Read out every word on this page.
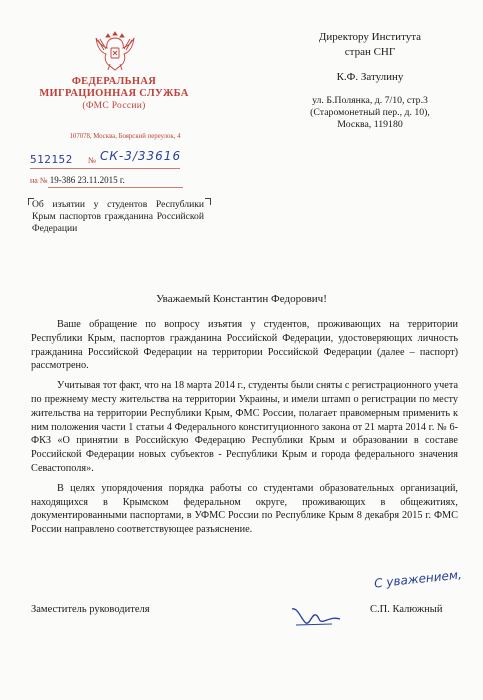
ФЕДЕРАЛЬНАЯ
МИГРАЦИОННАЯ СЛУЖБА
(ФМС России)
107078, Москва, Боярский переулок, 4
512152 № СК-3/33616
на № 19-386 23.11.2015 г.
Об изъятии у студентов Республики Крым паспортов гражданина Российской Федерации
Директору Института
стран СНГ
К.Ф. Затулину
ул. Б.Полянка, д. 7/10, стр.3
(Старомонетный пер., д. 10),
Москва, 119180
Уважаемый Константин Федорович!

Ваше обращение по вопросу изъятия у студентов, проживающих на территории Республики Крым, паспортов гражданина Российской Федерации, удостоверяющих личность гражданина Российской Федерации на территории Российской Федерации (далее – паспорт) рассмотрено.

Учитывая тот факт, что на 18 марта 2014 г., студенты были сняты с регистрационного учета по прежнему месту жительства на территории Украины, и имели штамп о регистрации по месту жительства на территории Республики Крым, ФМС России, полагает правомерным применить к ним положения части 1 статьи 4 Федерального конституционного закона от 21 марта 2014 г. № 6-ФКЗ «О принятии в Российскую Федерацию Республики Крым и образовании в составе Российской Федерации новых субъектов - Республики Крым и города федерального значения Севастополя».

В целях упорядочения порядка работы со студентами образовательных организаций, находящихся в Крымском федеральном округе, проживающих в общежитиях, документированными паспортами, в УФМС России по Республике Крым 8 декабря 2015 г. ФМС России направлено соответствующее разъяснение.

С уважением,
Заместитель руководителя	С.П. Калюжный
